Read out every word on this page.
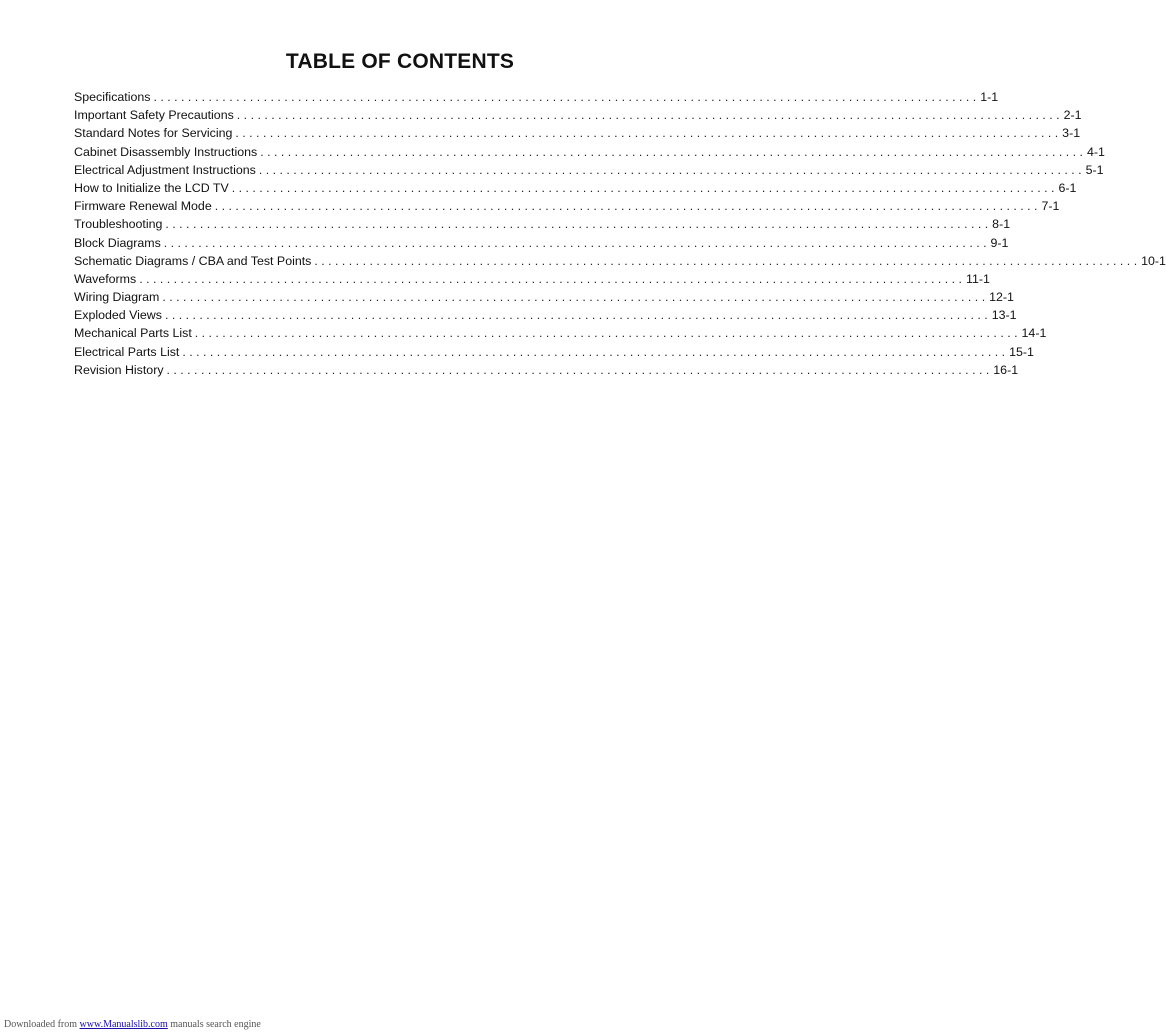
TABLE OF CONTENTS
Specifications . . . . . . . . . . . . . . . . . . . . . . . . . . . . . . . . . . . . . . . . . . . . . . . . . . . . . . . . . . . . . . . . . . . . . . . . . . . . . . . . . . . . . . . . . . . . . . . . . . . . . . . . . . . . . . . . . . . . . . . . 1-1
Important Safety Precautions . . . . . . . . . . . . . . . . . . . . . . . . . . . . . . . . . . . . . . . . . . . . . . . . . . . . . . . . . . . . . . . . . . . . . . . . . . . . . . . . . . . . . . . . . . . . . . . . . . . . . . . . . . . . . . . . . . . . . . . . 2-1
Standard Notes for Servicing . . . . . . . . . . . . . . . . . . . . . . . . . . . . . . . . . . . . . . . . . . . . . . . . . . . . . . . . . . . . . . . . . . . . . . . . . . . . . . . . . . . . . . . . . . . . . . . . . . . . . . . . . . . . . . . . . . . . . . . . 3-1
Cabinet Disassembly Instructions . . . . . . . . . . . . . . . . . . . . . . . . . . . . . . . . . . . . . . . . . . . . . . . . . . . . . . . . . . . . . . . . . . . . . . . . . . . . . . . . . . . . . . . . . . . . . . . . . . . . . . . . . . . . . . . . . . . . . . . . 4-1
Electrical Adjustment Instructions . . . . . . . . . . . . . . . . . . . . . . . . . . . . . . . . . . . . . . . . . . . . . . . . . . . . . . . . . . . . . . . . . . . . . . . . . . . . . . . . . . . . . . . . . . . . . . . . . . . . . . . . . . . . . . . . . . . . . . . . 5-1
How to Initialize the LCD TV . . . . . . . . . . . . . . . . . . . . . . . . . . . . . . . . . . . . . . . . . . . . . . . . . . . . . . . . . . . . . . . . . . . . . . . . . . . . . . . . . . . . . . . . . . . . . . . . . . . . . . . . . . . . . . . . . . . . . . . . 6-1
Firmware Renewal Mode . . . . . . . . . . . . . . . . . . . . . . . . . . . . . . . . . . . . . . . . . . . . . . . . . . . . . . . . . . . . . . . . . . . . . . . . . . . . . . . . . . . . . . . . . . . . . . . . . . . . . . . . . . . . . . . . . . . . . . . . 7-1
Troubleshooting . . . . . . . . . . . . . . . . . . . . . . . . . . . . . . . . . . . . . . . . . . . . . . . . . . . . . . . . . . . . . . . . . . . . . . . . . . . . . . . . . . . . . . . . . . . . . . . . . . . . . . . . . . . . . . . . . . . . . . . . 8-1
Block Diagrams . . . . . . . . . . . . . . . . . . . . . . . . . . . . . . . . . . . . . . . . . . . . . . . . . . . . . . . . . . . . . . . . . . . . . . . . . . . . . . . . . . . . . . . . . . . . . . . . . . . . . . . . . . . . . . . . . . . . . . . . 9-1
Schematic Diagrams / CBA and Test Points . . . . . . . . . . . . . . . . . . . . . . . . . . . . . . . . . . . . . . . . . . . . . . . . . . . . . . . . . . . . . . . . . . . . . . . . . . . . . . . . . . . . . . . . . . . . . . . . . . . . . . . . . . . . . . . . . . . . . . . . 10-1
Waveforms . . . . . . . . . . . . . . . . . . . . . . . . . . . . . . . . . . . . . . . . . . . . . . . . . . . . . . . . . . . . . . . . . . . . . . . . . . . . . . . . . . . . . . . . . . . . . . . . . . . . . . . . . . . . . . . . . . . . . . . . 11-1
Wiring Diagram . . . . . . . . . . . . . . . . . . . . . . . . . . . . . . . . . . . . . . . . . . . . . . . . . . . . . . . . . . . . . . . . . . . . . . . . . . . . . . . . . . . . . . . . . . . . . . . . . . . . . . . . . . . . . . . . . . . . . . . . 12-1
Exploded Views . . . . . . . . . . . . . . . . . . . . . . . . . . . . . . . . . . . . . . . . . . . . . . . . . . . . . . . . . . . . . . . . . . . . . . . . . . . . . . . . . . . . . . . . . . . . . . . . . . . . . . . . . . . . . . . . . . . . . . . . 13-1
Mechanical Parts List . . . . . . . . . . . . . . . . . . . . . . . . . . . . . . . . . . . . . . . . . . . . . . . . . . . . . . . . . . . . . . . . . . . . . . . . . . . . . . . . . . . . . . . . . . . . . . . . . . . . . . . . . . . . . . . . . . . . . . . . 14-1
Electrical Parts List . . . . . . . . . . . . . . . . . . . . . . . . . . . . . . . . . . . . . . . . . . . . . . . . . . . . . . . . . . . . . . . . . . . . . . . . . . . . . . . . . . . . . . . . . . . . . . . . . . . . . . . . . . . . . . . . . . . . . . . . 15-1
Revision History . . . . . . . . . . . . . . . . . . . . . . . . . . . . . . . . . . . . . . . . . . . . . . . . . . . . . . . . . . . . . . . . . . . . . . . . . . . . . . . . . . . . . . . . . . . . . . . . . . . . . . . . . . . . . . . . . . . . . . . . 16-1
Downloaded from www.Manualslib.com manuals search engine
